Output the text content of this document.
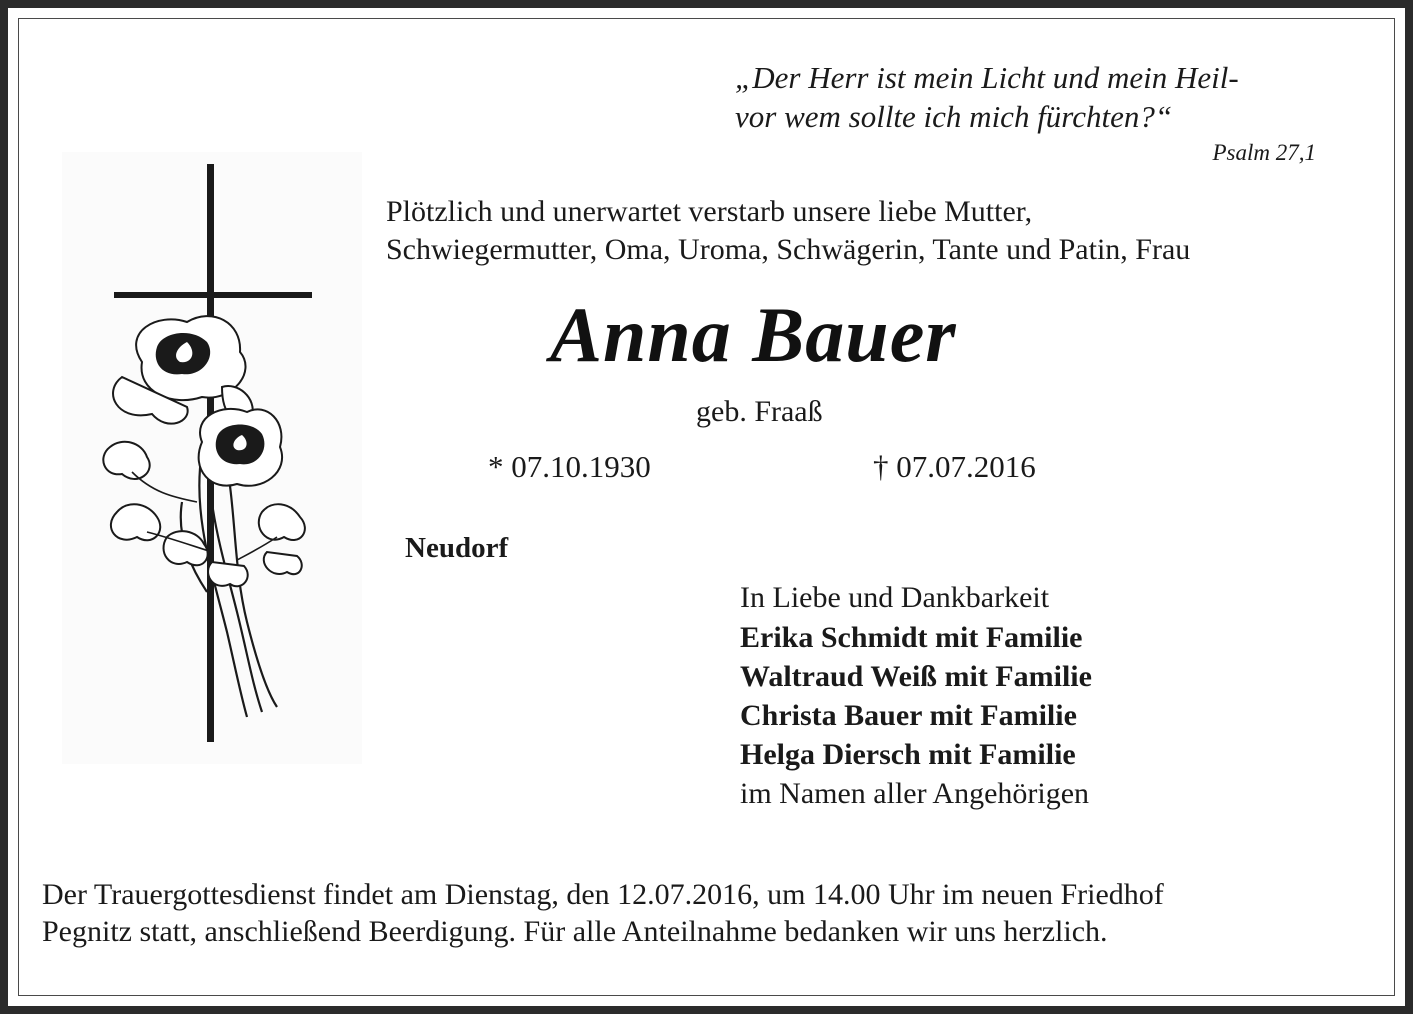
„Der Herr ist mein Licht und mein Heil-
vor wem sollte ich mich fürchten?“
Psalm 27,1
Plötzlich und unerwartet verstarb unsere liebe Mutter,
Schwiegermutter, Oma, Uroma, Schwägerin, Tante und Patin, Frau
Anna Bauer
geb. Fraaß
* 07.10.1930	† 07.07.2016
Neudorf
In Liebe und Dankbarkeit
Erika Schmidt mit Familie
Waltraud Weiß mit Familie
Christa Bauer mit Familie
Helga Diersch mit Familie
im Namen aller Angehörigen
Der Trauergottesdienst findet am Dienstag, den 12.07.2016, um 14.00 Uhr im neuen Friedhof
Pegnitz statt, anschließend Beerdigung. Für alle Anteilnahme bedanken wir uns herzlich.
